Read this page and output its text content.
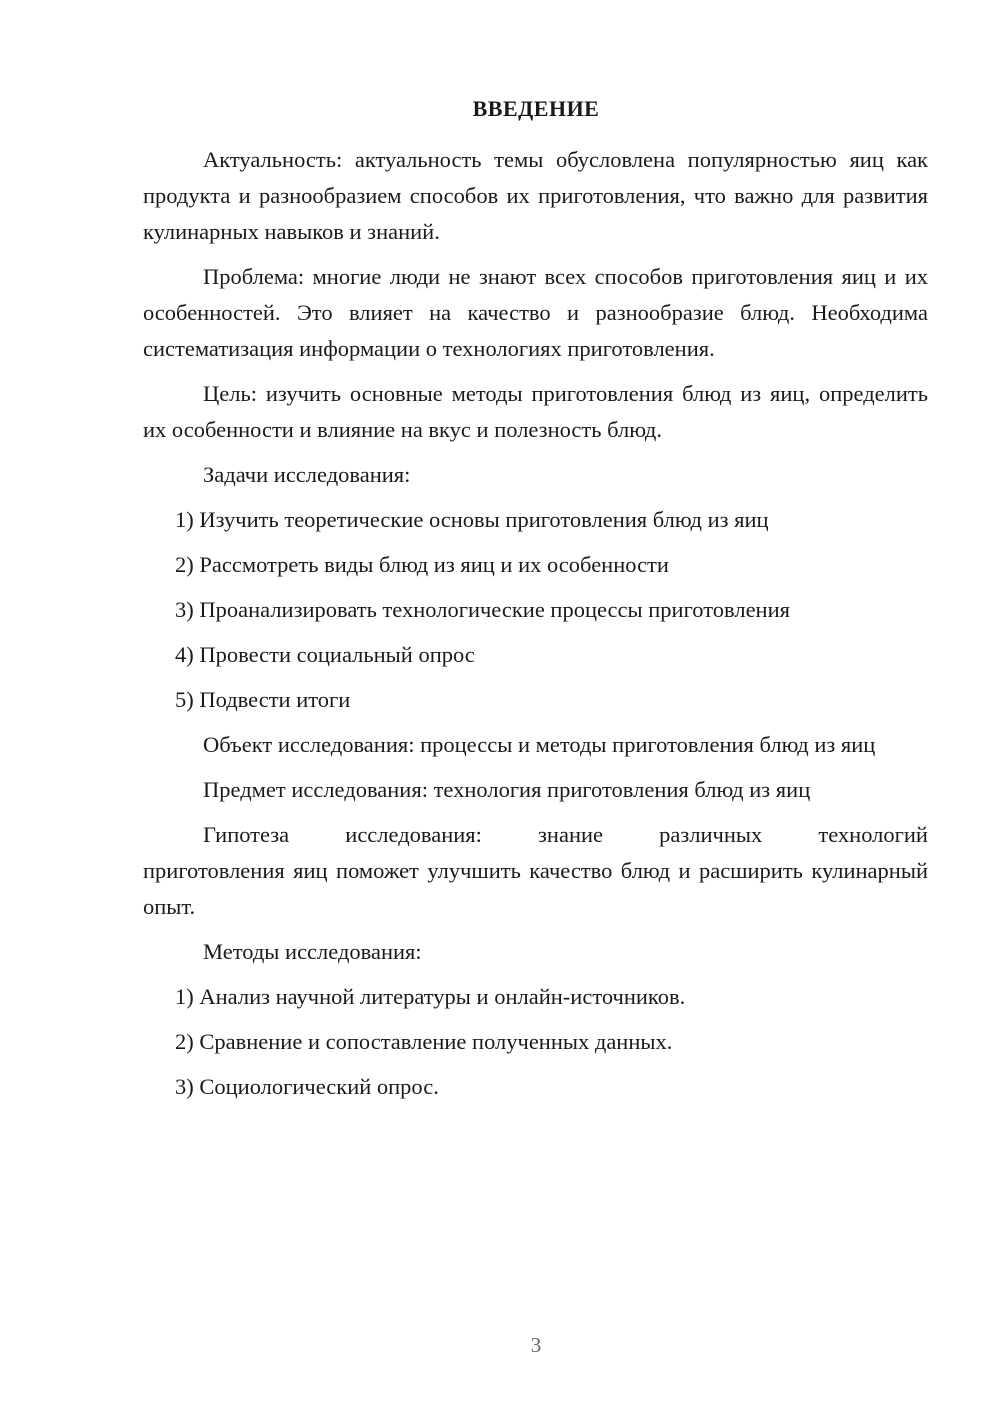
ВВЕДЕНИЕ

Актуальность: актуальность темы обусловлена популярностью яиц как продукта и разнообразием способов их приготовления, что важно для развития кулинарных навыков и знаний.

Проблема: многие люди не знают всех способов приготовления яиц и их особенностей. Это влияет на качество и разнообразие блюд. Необходима систематизация информации о технологиях приготовления.

Цель: изучить основные методы приготовления блюд из яиц, определить их особенности и влияние на вкус и полезность блюд.

Задачи исследования:

1) Изучить теоретические основы приготовления блюд из яиц

2) Рассмотреть виды блюд из яиц и их особенности

3) Проанализировать технологические процессы приготовления

4) Провести социальный опрос

5) Подвести итоги

Объект исследования: процессы и методы приготовления блюд из яиц

Предмет исследования: технология приготовления блюд из яиц

Гипотеза исследования: знание различных технологий
приготовления яиц поможет улучшить качество блюд и расширить кулинарный опыт.

Методы исследования:

1) Анализ научной литературы и онлайн-источников.

2) Сравнение и сопоставление полученных данных.

3) Социологический опрос.

3
